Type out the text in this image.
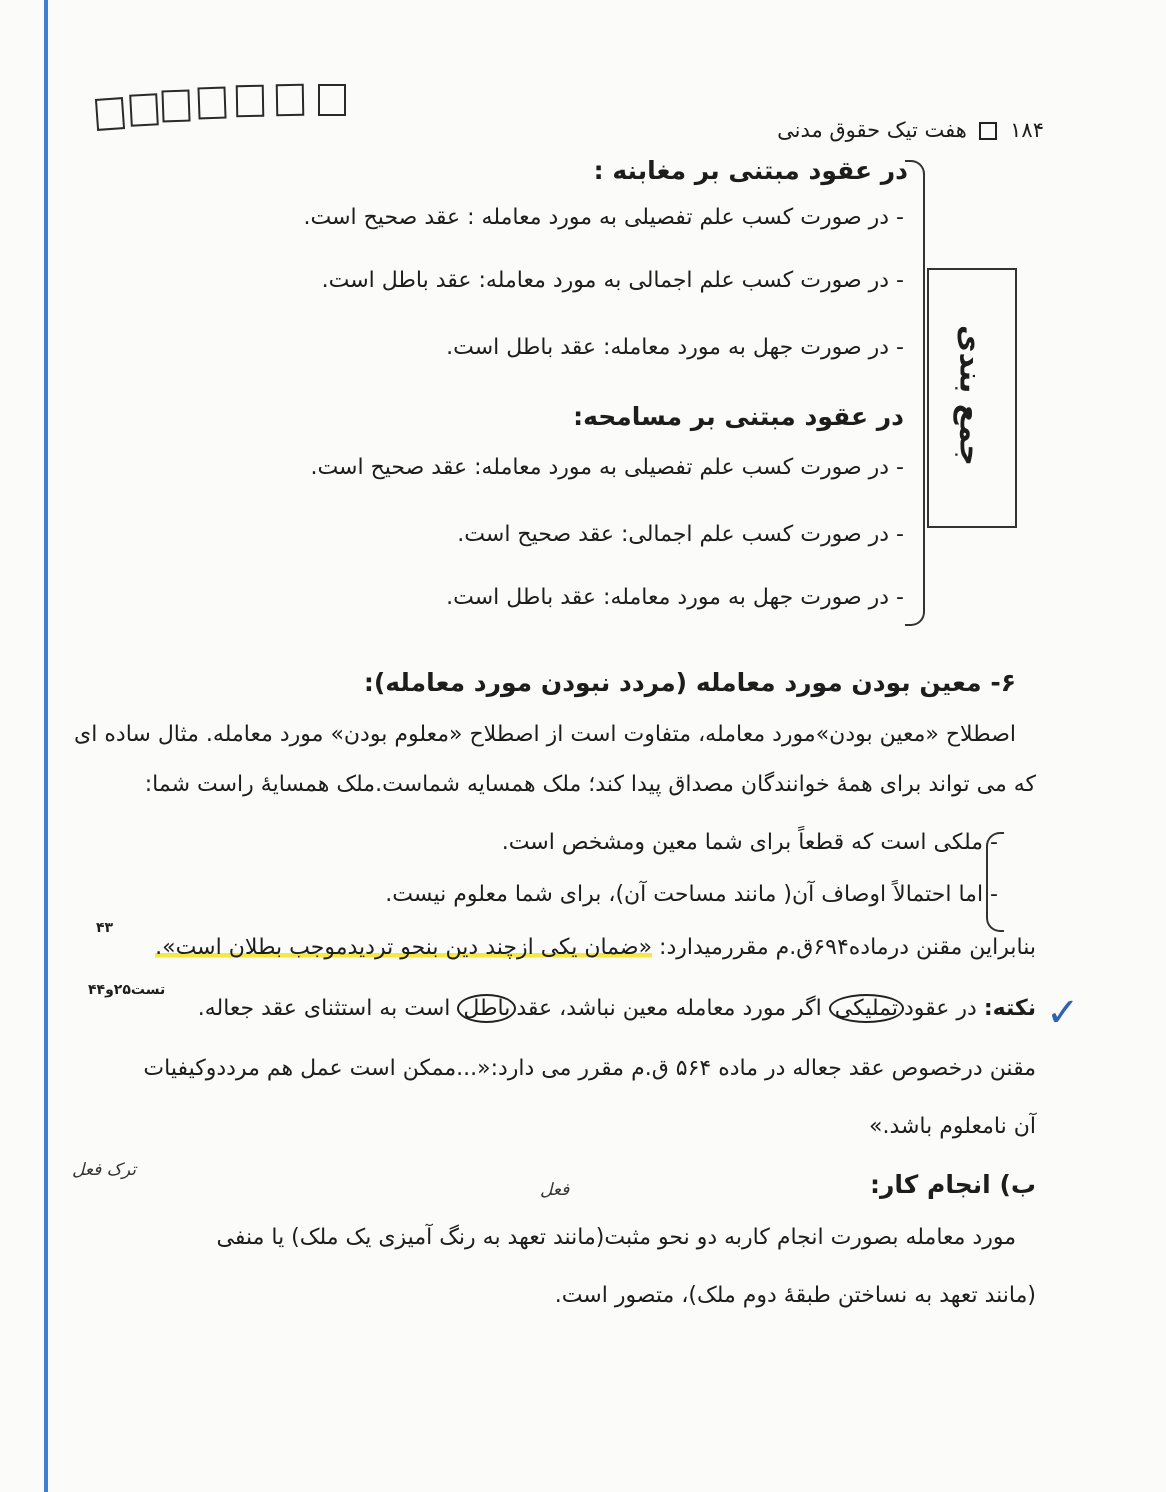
۱۸۴  هفت تیک حقوق مدنی
جمع بندی
در عقود مبتنی بر مغابنه :
- در صورت کسب علم تفصیلی به مورد معامله : عقد صحیح است.
- در صورت کسب علم اجمالی به مورد معامله: عقد باطل است.
- در صورت جهل به مورد معامله: عقد باطل است.
در عقود مبتنی بر مسامحه:
- در صورت کسب علم تفصیلی به مورد معامله: عقد صحیح است.
- در صورت کسب علم اجمالی: عقد صحیح است.
- در صورت جهل به مورد معامله: عقد باطل است.
۶- معین بودن مورد معامله (مردد نبودن مورد معامله):
اصطلاح «معین بودن»مورد معامله، متفاوت است از اصطلاح «معلوم بودن» مورد معامله. مثال ساده ای
که می تواند برای همهٔ خوانندگان مصداق پیدا کند؛ ملک همسایه شماست.ملک همسایهٔ راست شما:
- ملکی است که قطعاً برای شما معین ومشخص است.
- اما احتمالاً اوصاف آن( مانند مساحت آن)، برای شما معلوم نیست.
بنابراین مقنن درماده۶۹۴ق.م مقررمیدارد: «ضمان یکی ازچند دین بنحو تردیدموجب بطلان است».
۴۳
✓
نکته: در عقودتملیکی اگر مورد معامله معین نباشد، عقدباطل است به استثنای عقد جعاله.
تست۲۵و۴۴
مقنن درخصوص عقد جعاله در ماده ۵۶۴ ق.م مقرر می دارد:«...ممکن است عمل هم مرددوکیفیات
آن نامعلوم باشد.»
ب) انجام کار:
ترک فعل
فعل
مورد معامله بصورت انجام کاربه دو نحو مثبت(مانند تعهد به رنگ آمیزی یک ملک) یا منفی
(مانند تعهد به نساختن طبقهٔ دوم ملک)، متصور است.
